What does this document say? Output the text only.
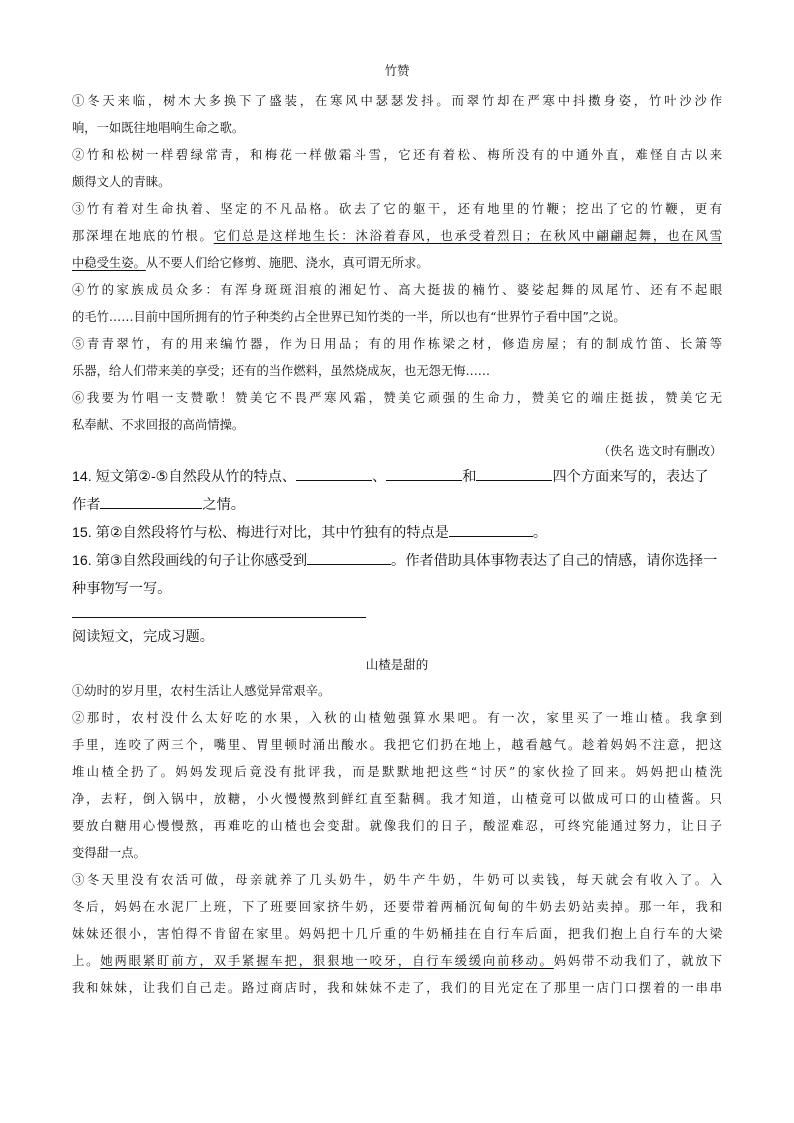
竹赞
①冬天来临，树木大多换下了盛装，在寒风中瑟瑟发抖。而翠竹却在严寒中抖擞身姿，竹叶沙沙作
响，一如既往地唱响生命之歌。
②竹和松树一样碧绿常青，和梅花一样傲霜斗雪，它还有着松、梅所没有的中通外直，难怪自古以来
颇得文人的青睐。
③竹有着对生命执着、坚定的不凡品格。砍去了它的躯干，还有地里的竹鞭；挖出了它的竹鞭，更有
那深埋在地底的竹根。它们总是这样地生长：沐浴着春风，也承受着烈日；在秋风中翩翩起舞，也在风雪
中稳受生姿。从不要人们给它修剪、施肥、浇水，真可谓无所求。
④竹的家族成员众多：有浑身斑斑泪痕的湘妃竹、高大挺拔的楠竹、婆娑起舞的凤尾竹、还有不起眼
的毛竹……目前中国所拥有的竹子种类约占全世界已知竹类的一半，所以也有“世界竹子看中国”之说。
⑤青青翠竹，有的用来编竹器，作为日用品；有的用作栋梁之材，修造房屋；有的制成竹笛、长箫等
乐器，给人们带来美的享受；还有的当作燃料，虽然烧成灰，也无怨无悔……
⑥我要为竹唱一支赞歌！赞美它不畏严寒风霜，赞美它顽强的生命力，赞美它的端庄挺拔，赞美它无
私奉献、不求回报的高尚情操。

（佚名 选文时有删改）

14. 短文第②-⑤自然段从竹的特点、	、	和	四个方面来写的，表达了

作者	之情。

15. 第②自然段将竹与松、梅进行对比，其中竹独有的特点是	。

16. 第③自然段画线的句子让你感受到	。作者借助具体事物表达了自己的情感，请你选择一

种事物写一写。

阅读短文，完成习题。

山楂是甜的
①幼时的岁月里，农村生活让人感觉异常艰辛。
②那时，农村没什么太好吃的水果，入秋的山楂勉强算水果吧。有一次，家里买了一堆山楂。我拿到
手里，连咬了两三个，嘴里、胃里顿时涌出酸水。我把它们扔在地上，越看越气。趁着妈妈不注意，把这
堆山楂全扔了。妈妈发现后竟没有批评我，而是默默地把这些“讨厌”的家伙捡了回来。妈妈把山楂洗
净，去籽，倒入锅中，放糖，小火慢慢熬到鲜红直至黏稠。我才知道，山楂竟可以做成可口的山楂酱。只
要放白糖用心慢慢熬，再难吃的山楂也会变甜。就像我们的日子，酸涩难忍，可终究能通过努力，让日子
变得甜一点。
③冬天里没有农活可做，母亲就养了几头奶牛，奶牛产牛奶，牛奶可以卖钱，每天就会有收入了。入
冬后，妈妈在水泥厂上班，下了班要回家挤牛奶，还要带着两桶沉甸甸的牛奶去奶站卖掉。那一年，我和
妹妹还很小，害怕得不肯留在家里。妈妈把十几斤重的牛奶桶挂在自行车后面，把我们抱上自行车的大梁
上。她两眼紧盯前方，双手紧握车把，狠狠地一咬牙，自行车缓缓向前移动。妈妈带不动我们了，就放下
我和妹妹，让我们自己走。路过商店时，我和妹妹不走了，我们的目光定在了那里一店门口摆着的一串串
